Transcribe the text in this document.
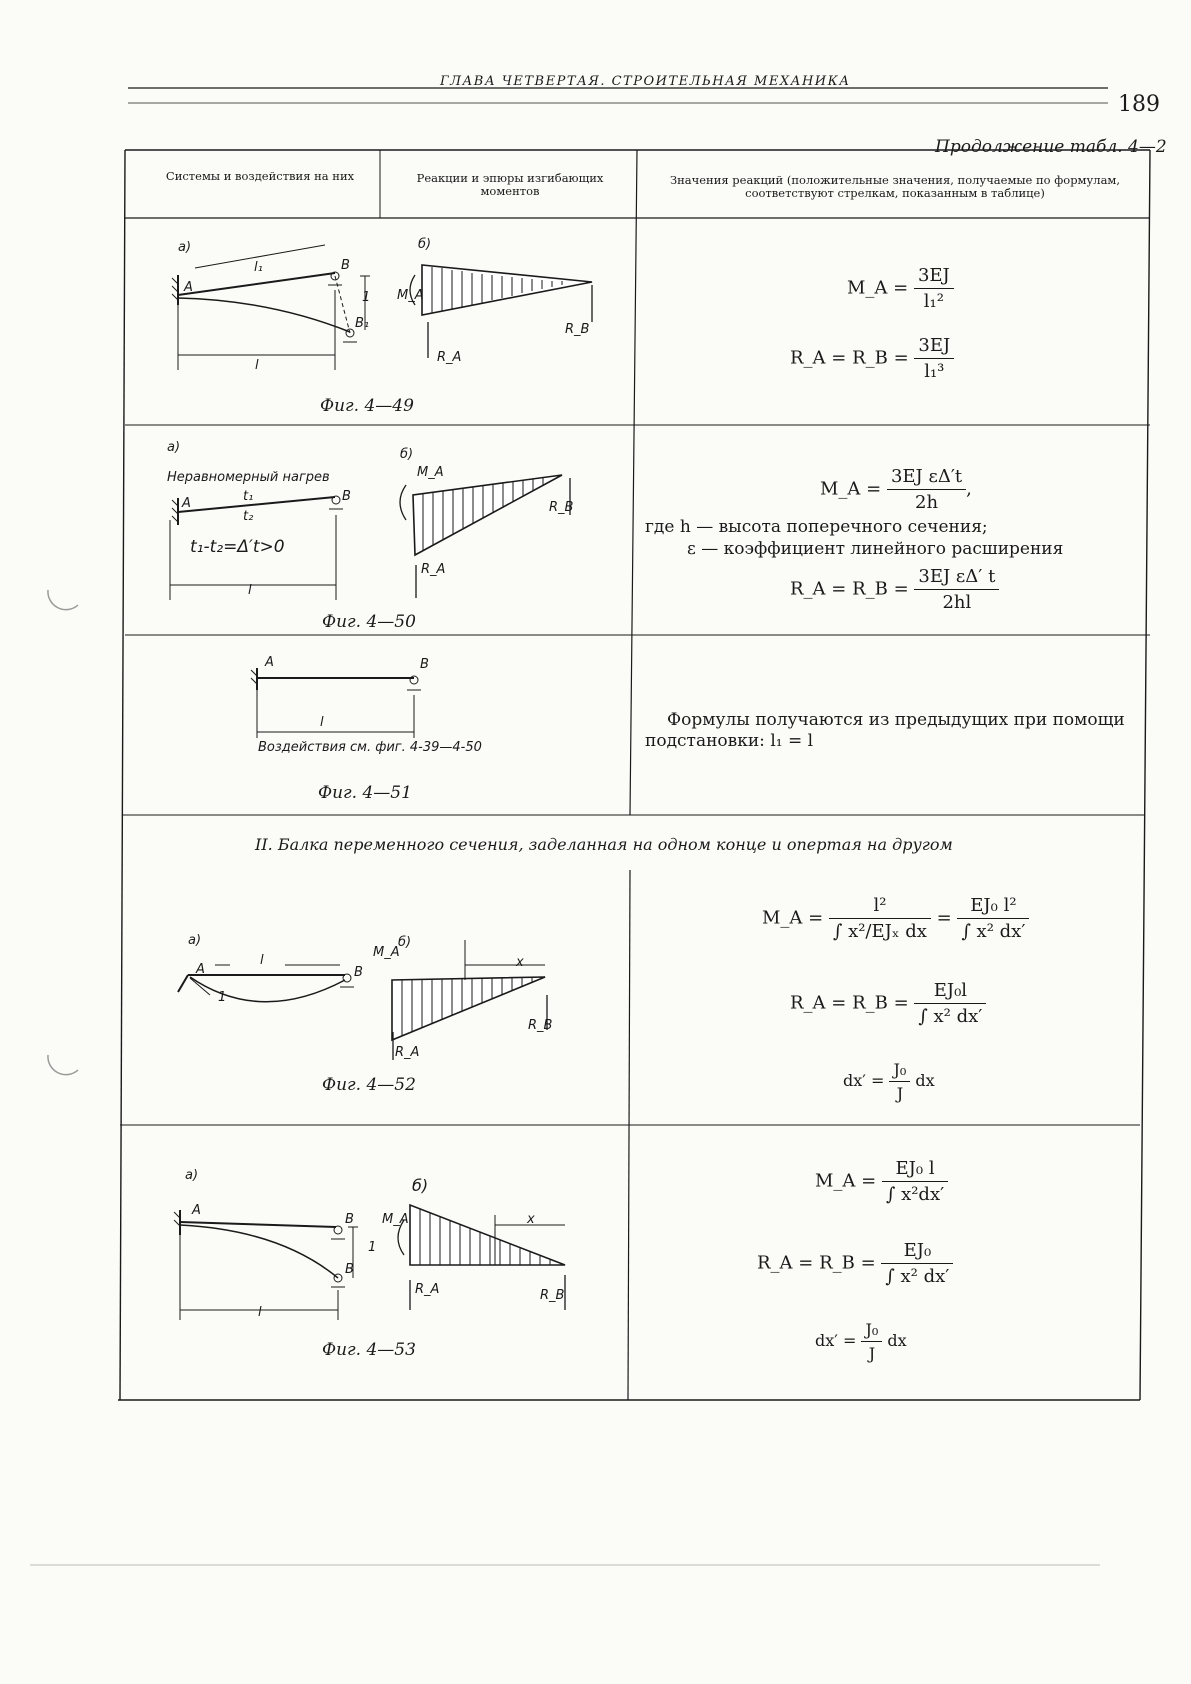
ГЛАВА ЧЕТВЕРТАЯ. СТРОИТЕЛЬНАЯ МЕХАНИКА
189
Продолжение табл. 4—2
Системы и воздействия на них	Реакции и эпюры изгибающих моментов
Значения реакций (положительные значения, получаемые по формулам, соответствуют стрелкам, показанным в таблице)
а)	б)
l₁
A
B
1
B₁
l
M_A
R_A
R_B
Фиг. 4—49
M_A = $\frac{3EJ}{\text{l₁²}}$
R_A = R_B = $\frac{3EJ}{\text{l₁³}}$
а)	б)
Неравномерный нагрев
t₁
t₂
A	B
t₁-t₂=Δ′t>0
l
M_A
R_A
R_B
Фиг. 4—50
M_A = $\frac{\text{3EJ εΔ′t}}{2h}$ ,
где h — высота поперечного сечения;
ε — коэффициент линейного расширения
R_A = R_B = $\frac{\text{3EJ εΔ′ t}}{2hl}$
A	B
l
Воздействия см. фиг. 4-39—4-50
Фиг. 4—51
Формулы получаются из предыдущих при помощи подстановки: l₁ = l
II. Балка переменного сечения, заделанная на одном конце и опертая на другом
а)	б)
l
A
1
B
M_A
x
R_A
R_B
Фиг. 4—52
M_A = $\frac{\text{l²}}{\text{∫ x²/EJₓ dx}} = \frac{\text{EJ₀ l²}}{\text{∫ x² dx′}}$
R_A = R_B = $\frac{\text{EJ₀l}}{\text{∫ x² dx′}}$
$dx' = \frac{\text{J₀}}{J}$ dx
а)
б)
A
B
1
B
l
M_A	x
R_A	R_B
Фиг. 4—53
M_A = $\frac{\text{EJ₀ l}}{\text{∫ x²dx′}}$
R_A = R_B = $\frac{\text{EJ₀}}{\text{∫ x² dx′}}$
$dx' = \frac{\text{J₀}}{J}$ dx
